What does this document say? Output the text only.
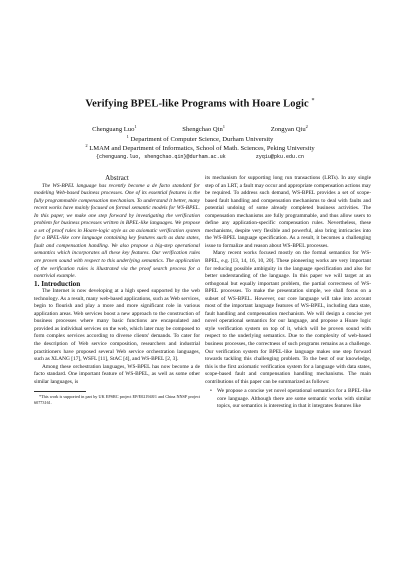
Verifying BPEL-like Programs with Hoare Logic *
Chenguang Luo$^1$	Shengchao Qin$^1$	Zongyan Qiu$^2$
$^1$ Department of Computer Science, Durham University
$^2$ LMAM and Department of Informatics, School of Math. Sciences, Peking University
{chenguang.luo, shengchao.qin}@durham.ac.uk          zyqiu@pku.edu.cn

Abstract

The WS-BPEL language has recently become a de facto standard for modeling Web-based business processes. One of its essential features is the fully programmable compensation mechanism. To understand it better, many recent works have mainly focused on formal semantic models for WS-BPEL. In this paper, we make one step forward by investigating the verification problem for business processes written in BPEL-like languages. We propose a set of proof rules in Hoare-logic style as an axiomatic verification system for a BPEL-like core language containing key features such as data states, fault and compensation handling. We also propose a big-step operational semantics which incorporates all these key features. Our verification rules are proven sound with respect to this underlying semantics. The application of the verification rules is illustrated via the proof search process for a nontrivial example.

1. Introduction

The Internet is now developing at a high speed supported by the web technology. As a result, many web-based applications, such as Web services, begin to flourish and play a more and more significant role in various application areas. Web services boost a new approach to the construction of business processes where many basic functions are encapsulated and provided as individual services on the web, which later may be composed to form complex services according to diverse clients' demands. To cater for the description of Web service composition, researchers and industrial practitioners have proposed several Web service orchestration languages, such as XLANG [17], WSFL [11], StAC [4], and WS-BPEL [2, 3].

Among these orchestration languages, WS-BPEL has now become a de facto standard. One important feature of WS-BPEL, as well as some other similar languages, is

*This work is supported in part by UK EPSRC project EP/E021948/1 and China NNSF project 60773161.

its mechanism for supporting long run transactions (LRTs). In any single step of an LRT, a fault may occur and appropriate compensation actions may be required. To address such demand, WS-BPEL provides a set of scope-based fault handling and compensation mechanisms to deal with faults and potential undoing of some already completed business activities. The compensation mechanisms are fully programmable, and thus allow users to define any application-specific compensation rules. Nevertheless, these mechanisms, despite very flexible and powerful, also bring intricacies into the WS-BPEL language specification. As a result, it becomes a challenging issue to formalize and reason about WS-BPEL processes.

Many recent works focused mostly on the formal semantics for WS-BPEL, e.g. [13, 14, 16, 10, 20]. These pioneering works are very important for reducing possible ambiguity in the language specification and also for better understanding of the language. In this paper we will target at an orthogonal but equally important problem, the partial correctness of WS-BPEL processes. To make the presentation simple, we shall focus on a subset of WS-BPEL. However, our core language will take into account most of the important language features of WS-BPEL, including data state, fault handling and compensation mechanism. We will design a concise yet novel operational semantics for our language, and propose a Hoare logic style verification system on top of it, which will be proven sound with respect to the underlying semantics. Due to the complexity of web-based business processes, the correctness of such programs remains as a challenge. Our verification system for BPEL-like language makes one step forward towards tackling this challenging problem. To the best of our knowledge, this is the first axiomatic verification system for a language with data states, scope-based fault and compensation handling mechanisms. The main contributions of this paper can be summarized as follows:

• We propose a concise yet novel operational semantics for a BPEL-like core language. Although there are some semantic works with similar topics, our semantics is interesting in that it integrates features like
